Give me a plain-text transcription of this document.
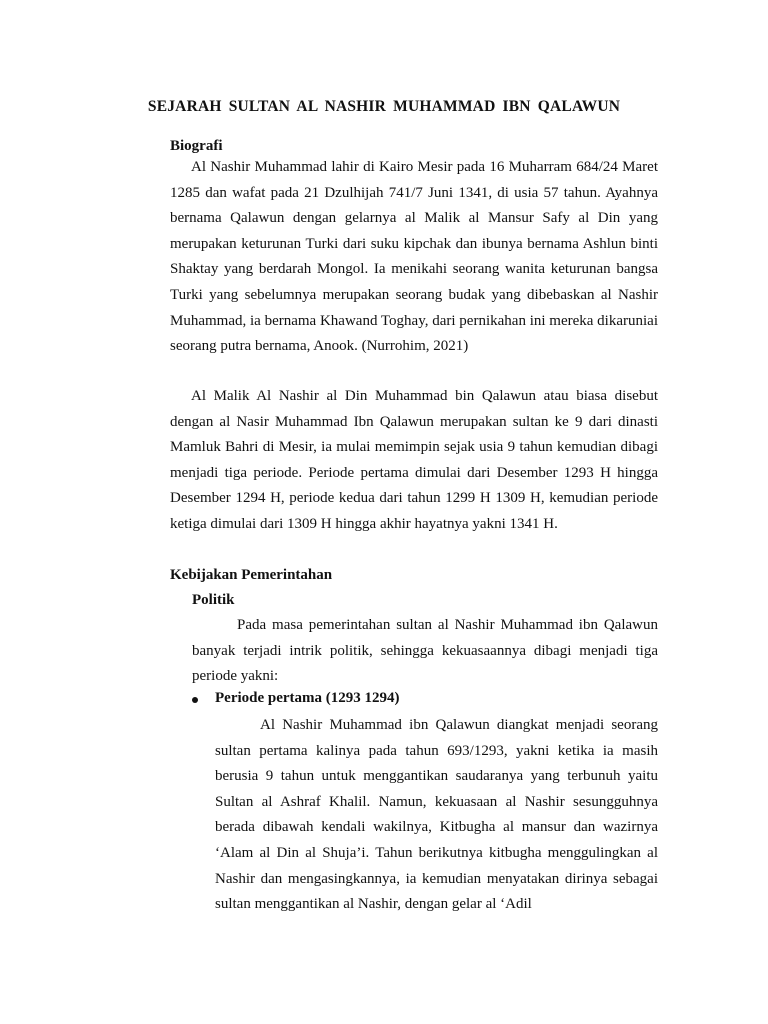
SEJARAH SULTAN AL NASHIR MUHAMMAD IBN QALAWUN
Biografi

Al Nashir Muhammad lahir di Kairo Mesir pada 16 Muharram 684/24 Maret 1285 dan wafat pada 21 Dzulhijah 741/7 Juni 1341, di usia 57 tahun. Ayahnya bernama Qalawun dengan gelarnya al Malik al Mansur Safy al Din yang merupakan keturunan Turki dari suku kipchak dan ibunya bernama Ashlun binti Shaktay yang berdarah Mongol. Ia menikahi seorang wanita keturunan bangsa Turki yang sebelumnya merupakan seorang budak yang dibebaskan al Nashir Muhammad, ia bernama Khawand Toghay, dari pernikahan ini mereka dikaruniai seorang putra bernama, Anook. (Nurrohim, 2021)

Al Malik Al Nashir al Din Muhammad bin Qalawun atau biasa disebut dengan al Nasir Muhammad Ibn Qalawun merupakan sultan ke 9 dari dinasti Mamluk Bahri di Mesir, ia mulai memimpin sejak usia 9 tahun kemudian dibagi menjadi tiga periode. Periode pertama dimulai dari Desember 1293 H hingga Desember 1294 H, periode kedua dari tahun 1299 H 1309 H, kemudian periode ketiga dimulai dari 1309 H hingga akhir hayatnya yakni 1341 H.

Kebijakan Pemerintahan
Politik

Pada masa pemerintahan sultan al Nashir Muhammad ibn Qalawun banyak terjadi intrik politik, sehingga kekuasaannya dibagi menjadi tiga periode yakni:

Periode pertama (1293 1294)

Al Nashir Muhammad ibn Qalawun diangkat menjadi seorang sultan pertama kalinya pada tahun 693/1293, yakni ketika ia masih berusia 9 tahun untuk menggantikan saudaranya yang terbunuh yaitu Sultan al Ashraf Khalil. Namun, kekuasaan al Nashir sesungguhnya berada dibawah kendali wakilnya, Kitbugha al mansur dan wazirnya ‘Alam al Din al Shuja’i. Tahun berikutnya kitbugha menggulingkan al Nashir dan mengasingkannya, ia kemudian menyatakan dirinya sebagai sultan menggantikan al Nashir, dengan gelar al ‘Adil
